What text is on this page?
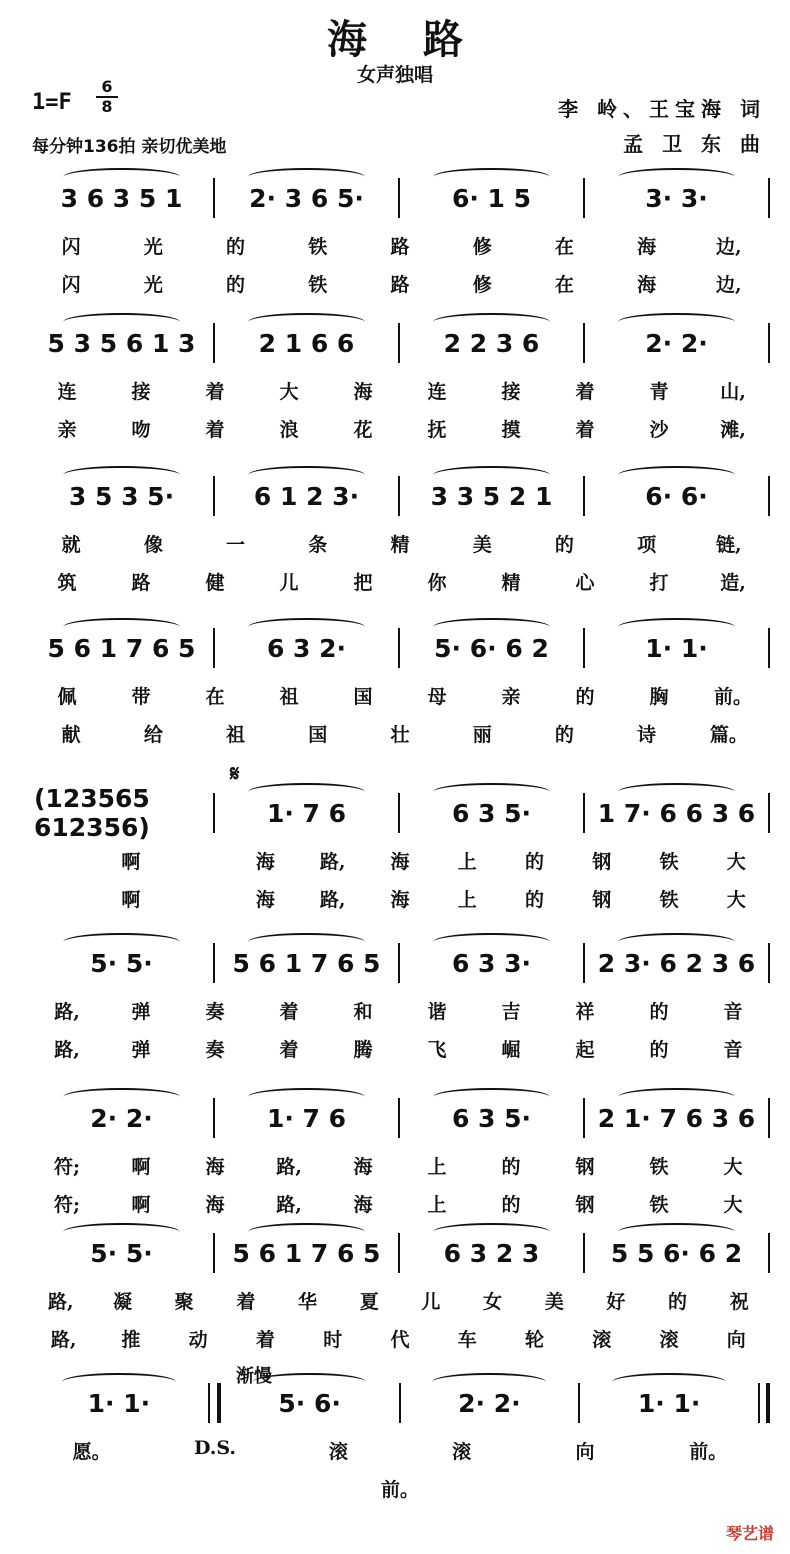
海路
女声独唱
$1=F \frac{6}{8}$	李 岭、王宝海 词
孟 卫 东 曲
每分钟136拍 亲切优美地
𝄋
渐慢
3 6 3 5 1	2· 3 6 5·	6· 1 5	3· 3·
闪	光	的	铁	路	修	在	海	边,
闪	光	的	铁	路	修	在	海	边,
5 3 5 6 1 3	2 1 6 6	2 2 3 6	2· 2·
连	接	着	大	海	连	接	着	青	山,
亲	吻	着	浪	花	抚	摸	着	沙	滩,
3 5 3 5·	6 1 2 3·	3 3 5 2 1	6· 6·
就	像	一	条	精	美	的	项	链,
筑	路	健	儿	把	你	精	心	打	造,
5 6 1 7 6 5	6 3 2·	5· 6· 6 2	1· 1·
佩	带	在	祖	国	母	亲	的	胸	前。
献	给	祖	国	壮	丽	的	诗	篇。
(123565 612356)	1· 7 6	6 3 5·	1 7· 6 6 3 6
啊	海	路,	海	上	的	钢	铁	大
啊	海	路,	海	上	的	钢	铁	大
5· 5·	5 6 1 7 6 5	6 3 3·	2 3· 6 2 3 6
路,	弹	奏	着	和	谐	吉	祥	的	音
路,	弹	奏	着	腾	飞	崛	起	的	音
2· 2·	1· 7 6	6 3 5·	2 1· 7 6 3 6
符;	啊	海	路,	海	上	的	钢	铁	大
符;	啊	海	路,	海	上	的	钢	铁	大
5· 5·	5 6 1 7 6 5	6 3 2 3	5 5 6· 6 2
路,	凝	聚	着	华	夏	儿	女	美	好	的	祝
路,	推	动	着	时	代	车	轮	滚	滚	向
1· 1·	5· 6·	2· 2·	1· 1·
愿。	D.S.	滚	滚	向	前。
前。
琴艺谱
